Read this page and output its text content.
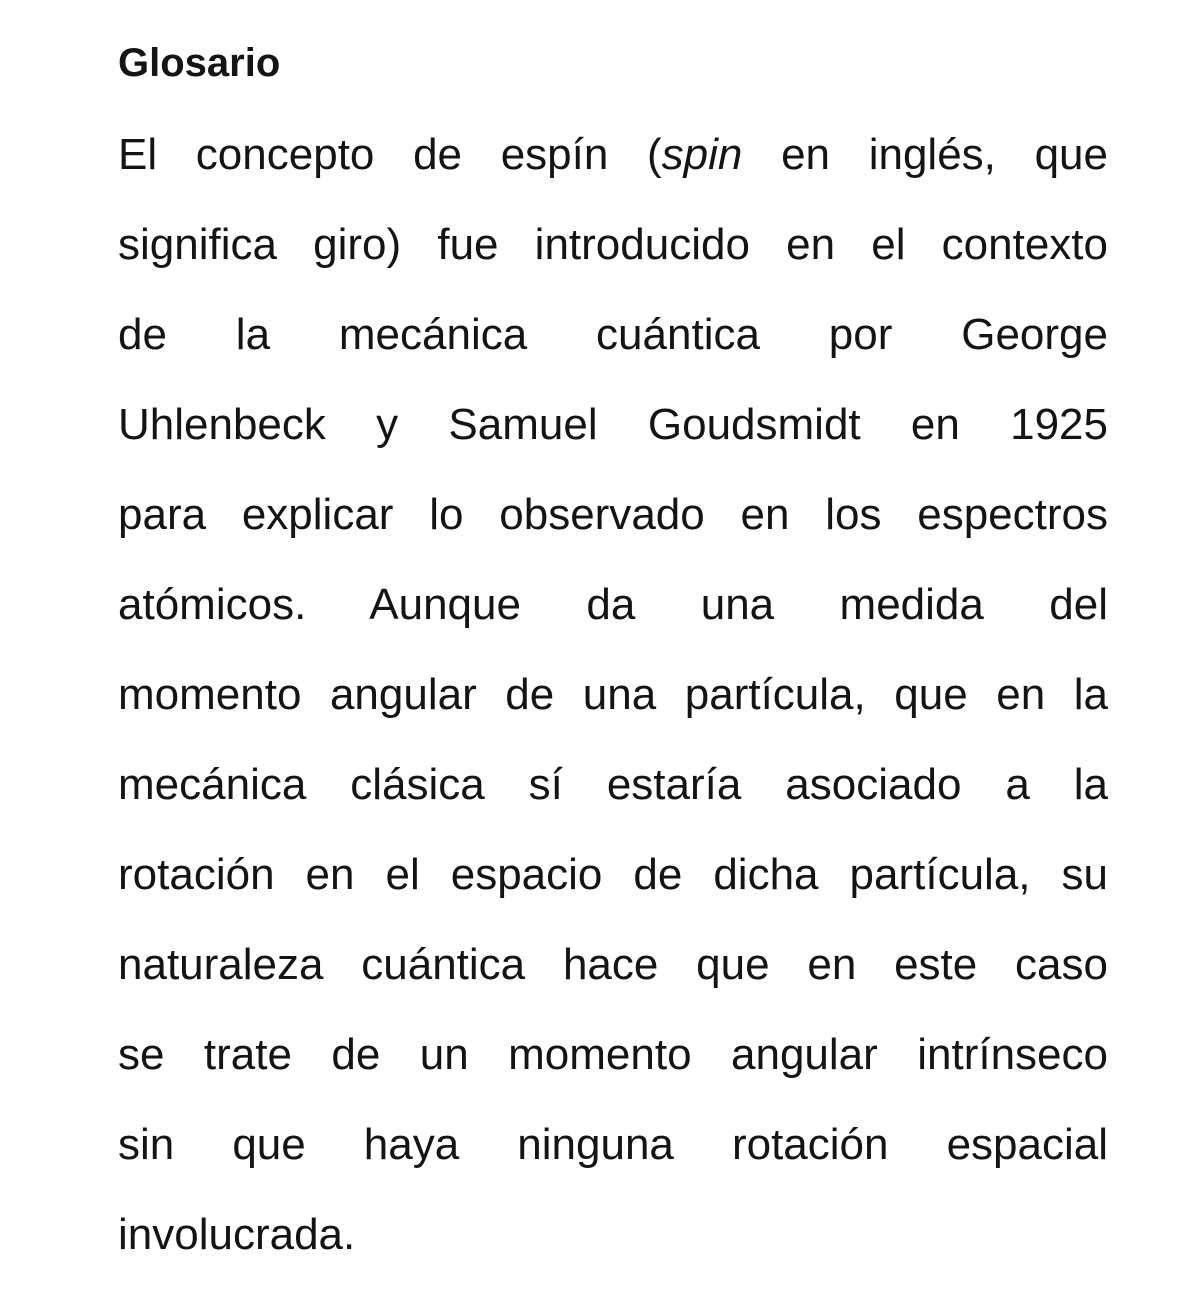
Glosario
El concepto de espín (spin en inglés, que
significa giro) fue introducido en el contexto
de la mecánica cuántica por George
Uhlenbeck y Samuel Goudsmidt en 1925
para explicar lo observado en los espectros
atómicos. Aunque da una medida del
momento angular de una partícula, que en la
mecánica clásica sí estaría asociado a la
rotación en el espacio de dicha partícula, su
naturaleza cuántica hace que en este caso
se trate de un momento angular intrínseco
sin que haya ninguna rotación espacial
involucrada.
